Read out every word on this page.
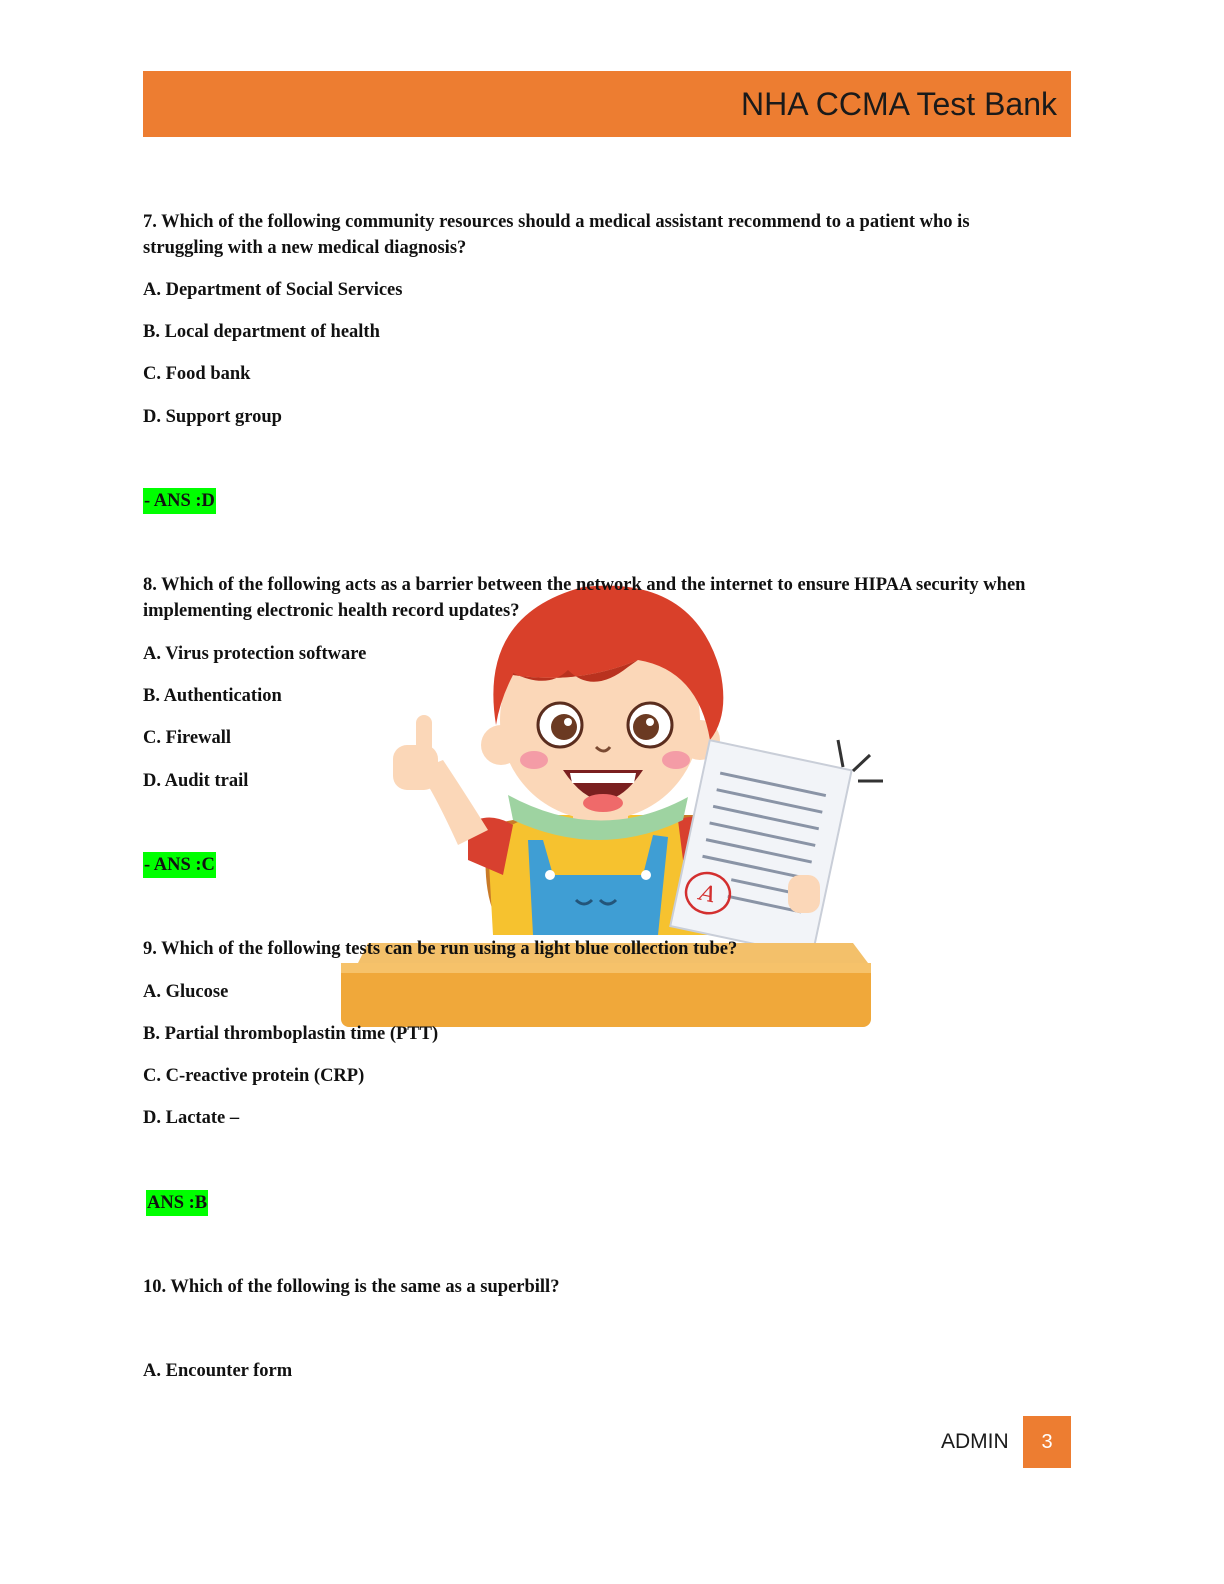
NHA CCMA Test Bank
A
7. Which of the following community resources should a medical assistant recommend to a patient who is struggling with a new medical diagnosis?
A. Department of Social Services
B. Local department of health
C. Food bank
D. Support group
- ANS :D
8. Which of the following acts as a barrier between the network and the internet to ensure HIPAA security when implementing electronic health record updates?
A. Virus protection software
B. Authentication
C. Firewall
D. Audit trail
- ANS :C
9. Which of the following tests can be run using a light blue collection tube?
A. Glucose
B. Partial thromboplastin time (PTT)
C. C-reactive protein (CRP)
D. Lactate –
ANS :B
10. Which of the following is the same as a superbill?
A. Encounter form
ADMIN	3
